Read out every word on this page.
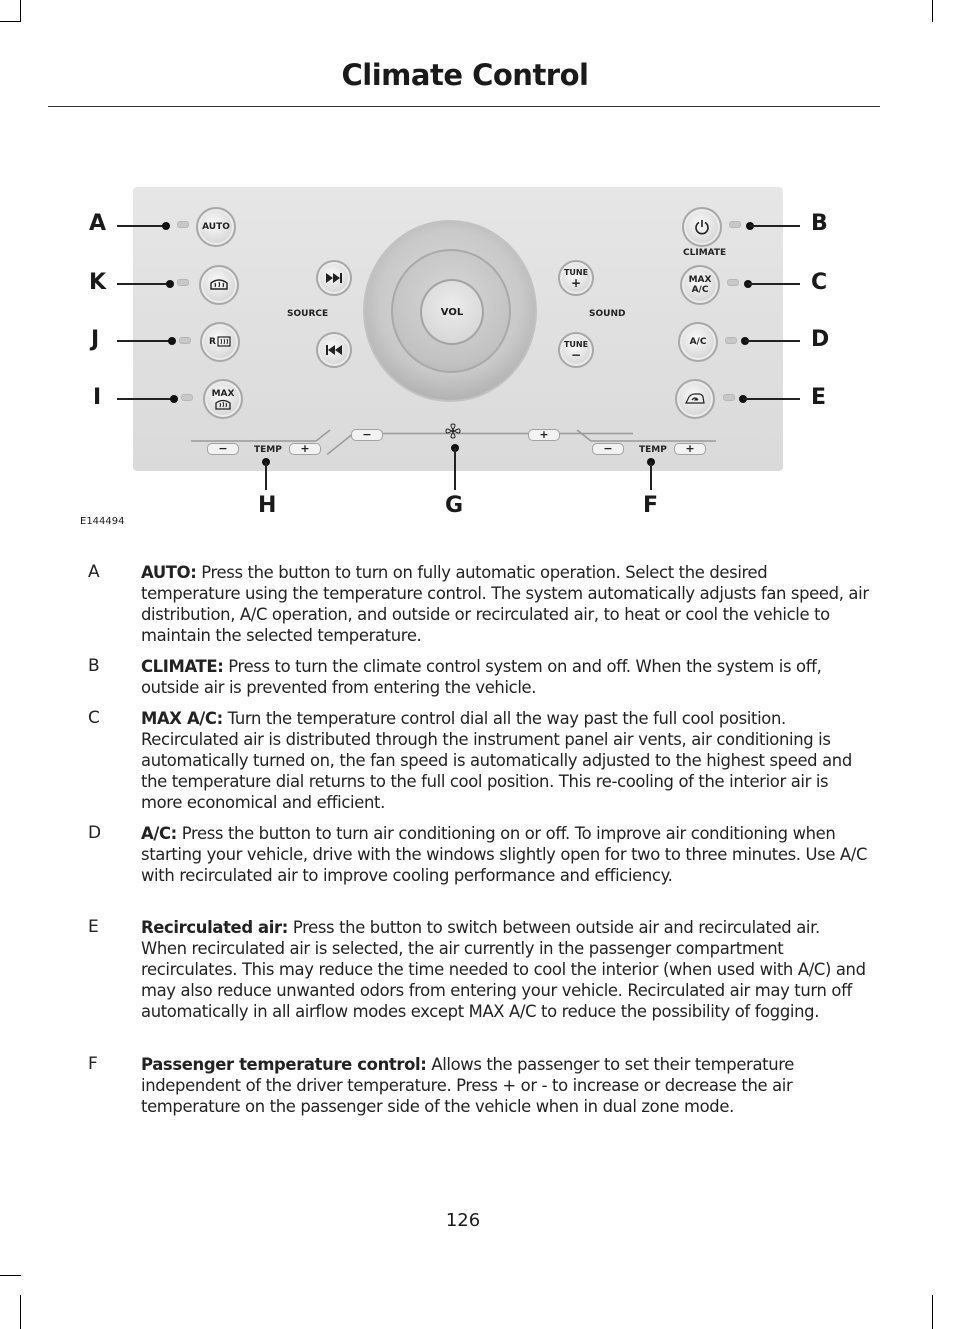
Climate Control
AUTO
R
MAX
SOURCE	VOL
TUNE
+
SOUND
TUNE
−
CLIMATE
MAX
A/C
A/C
−	+
−	TEMP +	−	TEMP +
A
K
J
I
B
C
D
E
H	G	F
E144494
A	AUTO: Press the button to turn on fully automatic operation. Select the desired temperature using the temperature control. The system automatically adjusts fan speed, air distribution, A/C operation, and outside or recirculated air, to heat or cool the vehicle to maintain the selected temperature.
B	CLIMATE: Press to turn the climate control system on and off. When the system is off, outside air is prevented from entering the vehicle.
C	MAX A/C: Turn the temperature control dial all the way past the full cool position. Recirculated air is distributed through the instrument panel air vents, air conditioning is automatically turned on, the fan speed is automatically adjusted to the highest speed and the temperature dial returns to the full cool position. This re-cooling of the interior air is more economical and efficient.
D A/C: Press the button to turn air conditioning on or off. To improve air conditioning when starting your vehicle, drive with the windows slightly open for two to three minutes. Use A/C with recirculated air to improve cooling performance and efficiency.
E	Recirculated air: Press the button to switch between outside air and recirculated air. When recirculated air is selected, the air currently in the passenger compartment recirculates. This may reduce the time needed to cool the interior (when used with A/C) and may also reduce unwanted odors from entering your vehicle. Recirculated air may turn off automatically in all airflow modes except MAX A/C to reduce the possibility of fogging.
F	Passenger temperature control: Allows the passenger to set their temperature independent of the driver temperature. Press + or - to increase or decrease the air temperature on the passenger side of the vehicle when in dual zone mode.
126
